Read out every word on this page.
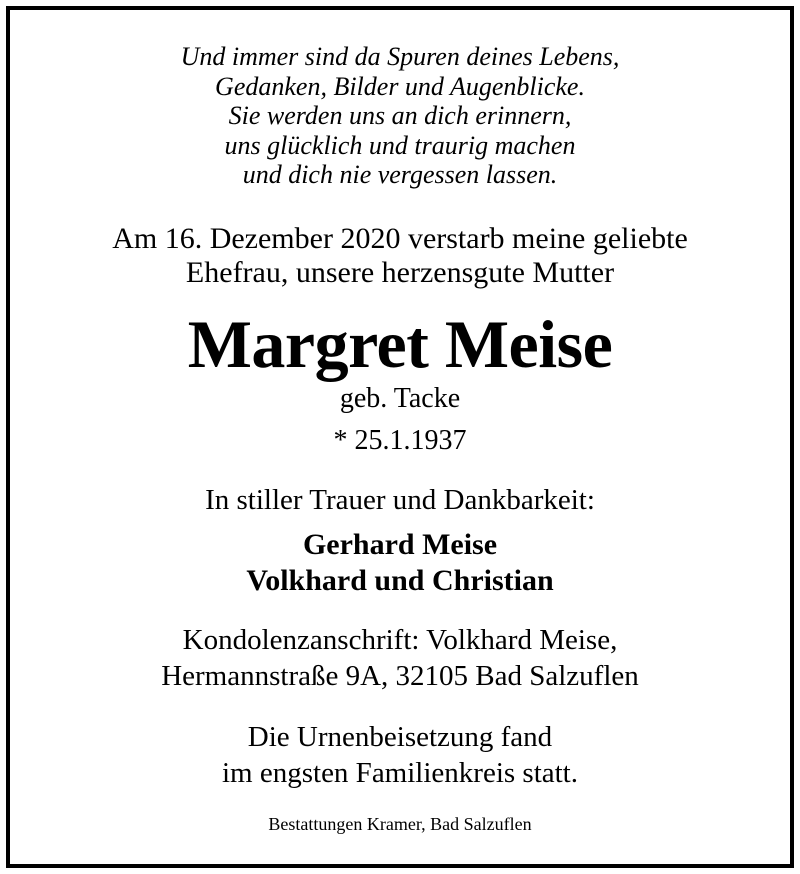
Und immer sind da Spuren deines Lebens,
Gedanken, Bilder und Augenblicke.
Sie werden uns an dich erinnern,
uns glücklich und traurig machen
und dich nie vergessen lassen.
Am 16. Dezember 2020 verstarb meine geliebte
Ehefrau, unsere herzensgute Mutter
Margret Meise
geb. Tacke
* 25.1.1937
In stiller Trauer und Dankbarkeit:
Gerhard Meise
Volkhard und Christian
Kondolenzanschrift: Volkhard Meise,
Hermannstraße 9A, 32105 Bad Salzuflen
Die Urnenbeisetzung fand
im engsten Familienkreis statt.
Bestattungen Kramer, Bad Salzuflen
